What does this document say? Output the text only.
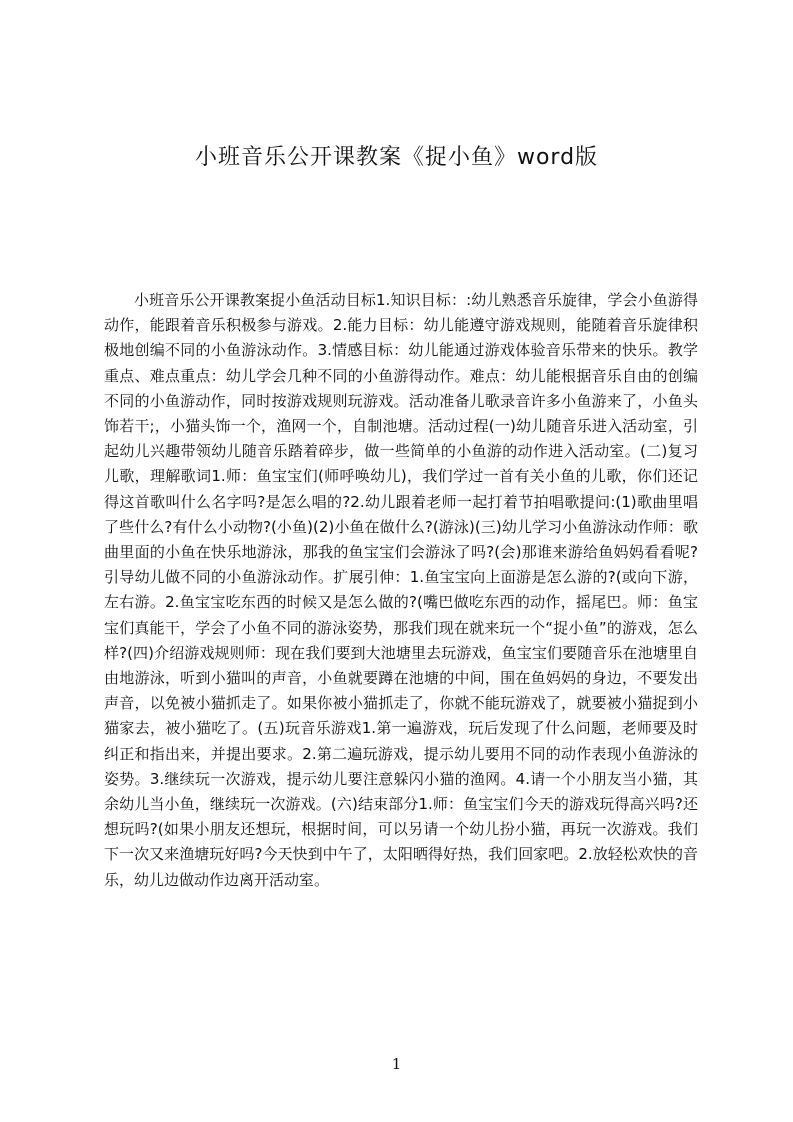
小班音乐公开课教案《捉小鱼》word版

小班音乐公开课教案捉小鱼活动目标1.知识目标：:幼儿熟悉音乐旋律，学会小鱼游得动作，能跟着音乐积极参与游戏。2.能力目标：幼儿能遵守游戏规则，能随着音乐旋律积极地创编不同的小鱼游泳动作。3.情感目标：幼儿能通过游戏体验音乐带来的快乐。教学重点、难点重点：幼儿学会几种不同的小鱼游得动作。难点：幼儿能根据音乐自由的创编不同的小鱼游动作，同时按游戏规则玩游戏。活动准备儿歌录音许多小鱼游来了，小鱼头饰若干;，小猫头饰一个，渔网一个，自制池塘。活动过程(一)幼儿随音乐进入活动室，引起幼儿兴趣带领幼儿随音乐踏着碎步，做一些简单的小鱼游的动作进入活动室。(二)复习儿歌，理解歌词1.师：鱼宝宝们(师呼唤幼儿)，我们学过一首有关小鱼的儿歌，你们还记得这首歌叫什么名字吗?是怎么唱的?2.幼儿跟着老师一起打着节拍唱歌提问:(1)歌曲里唱了些什么?有什么小动物?(小鱼)(2)小鱼在做什么?(游泳)(三)幼儿学习小鱼游泳动作师：歌曲里面的小鱼在快乐地游泳，那我的鱼宝宝们会游泳了吗?(会)那谁来游给鱼妈妈看看呢?引导幼儿做不同的小鱼游泳动作。扩展引伸：1.鱼宝宝向上面游是怎么游的?(或向下游，左右游。2.鱼宝宝吃东西的时候又是怎么做的?(嘴巴做吃东西的动作，摇尾巴。师：鱼宝宝们真能干，学会了小鱼不同的游泳姿势，那我们现在就来玩一个“捉小鱼”的游戏，怎么样?(四)介绍游戏规则师：现在我们要到大池塘里去玩游戏，鱼宝宝们要随音乐在池塘里自由地游泳，听到小猫叫的声音，小鱼就要蹲在池塘的中间，围在鱼妈妈的身边，不要发出声音，以免被小猫抓走了。如果你被小猫抓走了，你就不能玩游戏了，就要被小猫捉到小猫家去，被小猫吃了。(五)玩音乐游戏1.第一遍游戏，玩后发现了什么问题，老师要及时纠正和指出来，并提出要求。2.第二遍玩游戏，提示幼儿要用不同的动作表现小鱼游泳的姿势。3.继续玩一次游戏，提示幼儿要注意躲闪小猫的渔网。4.请一个小朋友当小猫，其余幼儿当小鱼，继续玩一次游戏。(六)结束部分1.师：鱼宝宝们今天的游戏玩得高兴吗?还想玩吗?(如果小朋友还想玩，根据时间，可以另请一个幼儿扮小猫，再玩一次游戏。我们下一次又来渔塘玩好吗?今天快到中午了，太阳晒得好热，我们回家吧。2.放轻松欢快的音乐，幼儿边做动作边离开活动室。

1
